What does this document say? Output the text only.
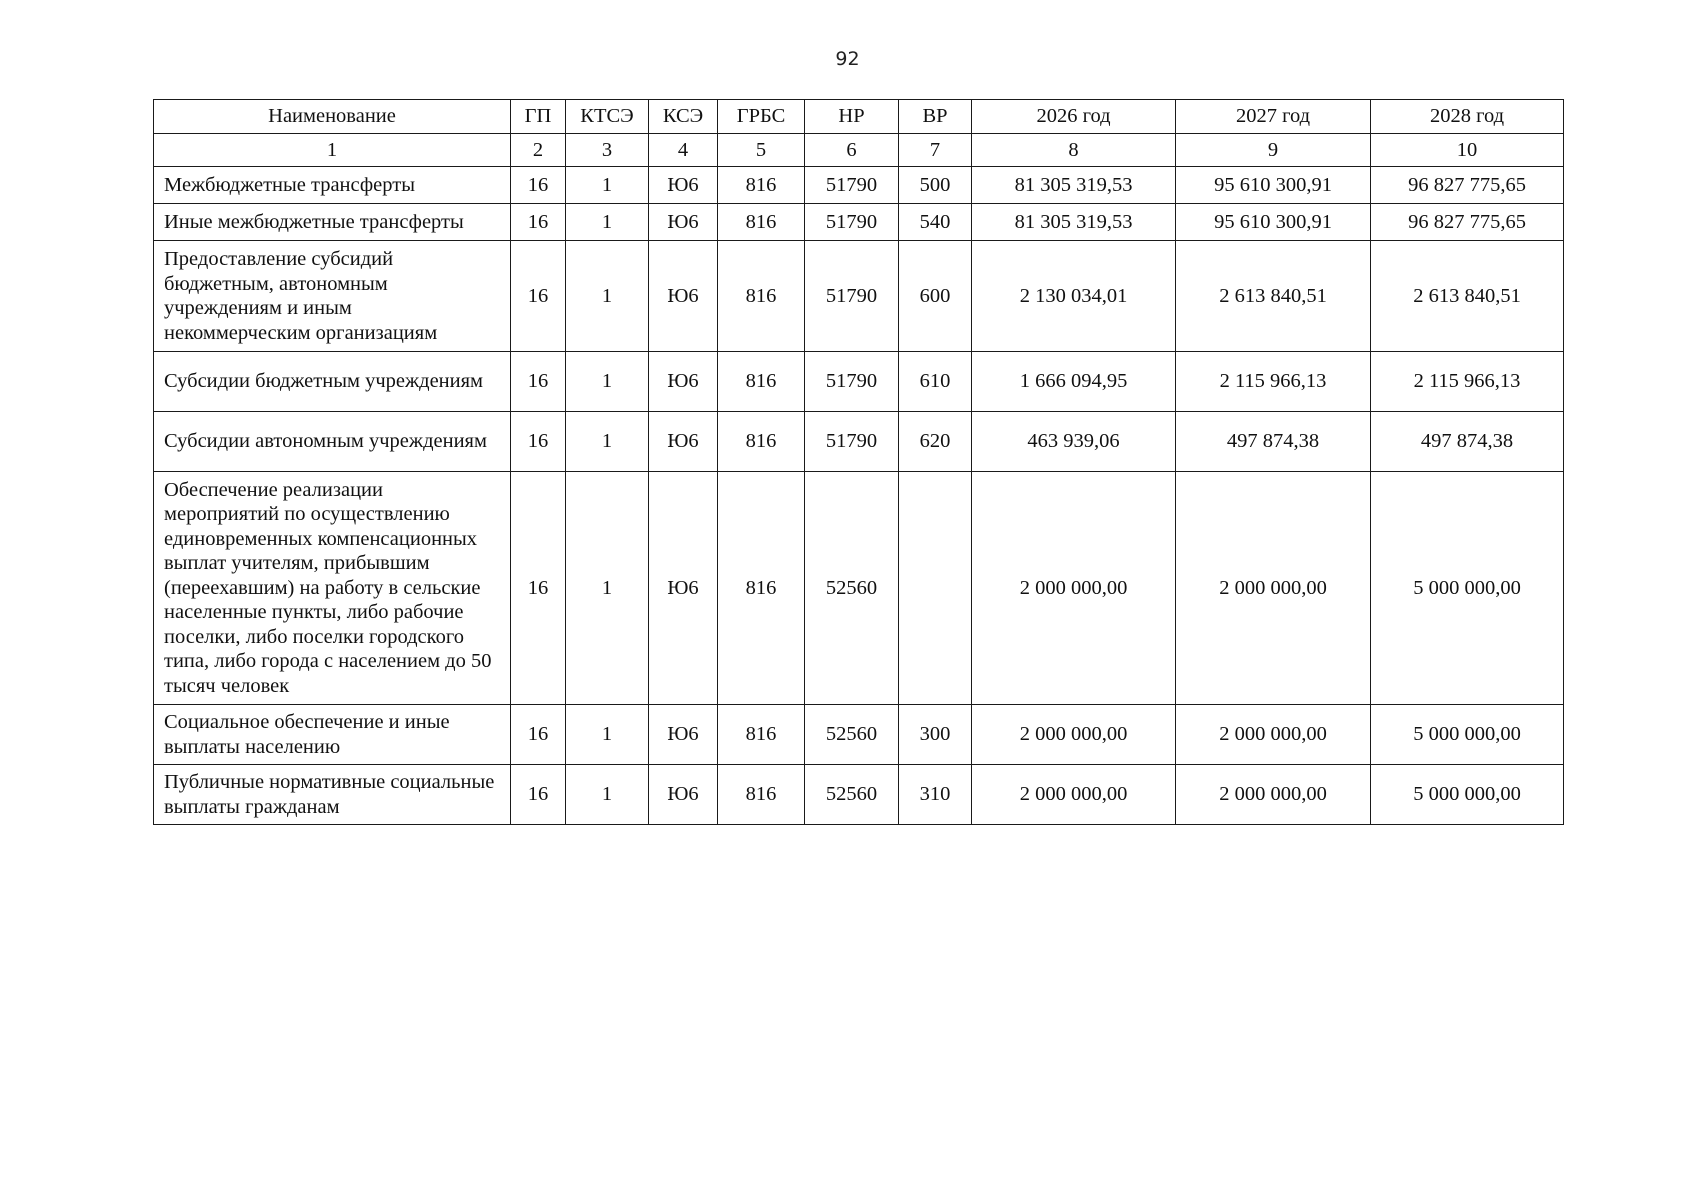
92
Наименование	ГП	КТСЭ	КСЭ	ГРБС	НР	ВР	2026 год	2027 год	2028 год
1	2	3	4	5	6	7	8	9	10
Межбюджетные трансферты	16	1	Ю6	816	51790	500	81 305 319,53	95 610 300,91	96 827 775,65
Иные межбюджетные трансферты	16	1	Ю6	816	51790	540	81 305 319,53	95 610 300,91	96 827 775,65
Предоставление субсидий бюджетным, автономным учреждениям и иным некоммерческим организациям	16	1	Ю6	816	51790	600	2 130 034,01	2 613 840,51	2 613 840,51
Субсидии бюджетным учреждениям	16	1	Ю6	816	51790	610	1 666 094,95	2 115 966,13	2 115 966,13
Субсидии автономным учреждениям	16	1	Ю6	816	51790	620	463 939,06	497 874,38	497 874,38
Обеспечение реализации мероприятий по осуществлению единовременных компенсационных выплат учителям, прибывшим (переехавшим) на работу в сельские населенные пункты, либо рабочие поселки, либо поселки городского типа, либо города с населением до 50 тысяч человек	16	1	Ю6	816	52560		2 000 000,00	2 000 000,00	5 000 000,00
Социальное обеспечение и иные выплаты населению	16	1	Ю6	816	52560	300	2 000 000,00	2 000 000,00	5 000 000,00
Публичные нормативные социальные выплаты гражданам	16	1	Ю6	816	52560	310	2 000 000,00	2 000 000,00	5 000 000,00
